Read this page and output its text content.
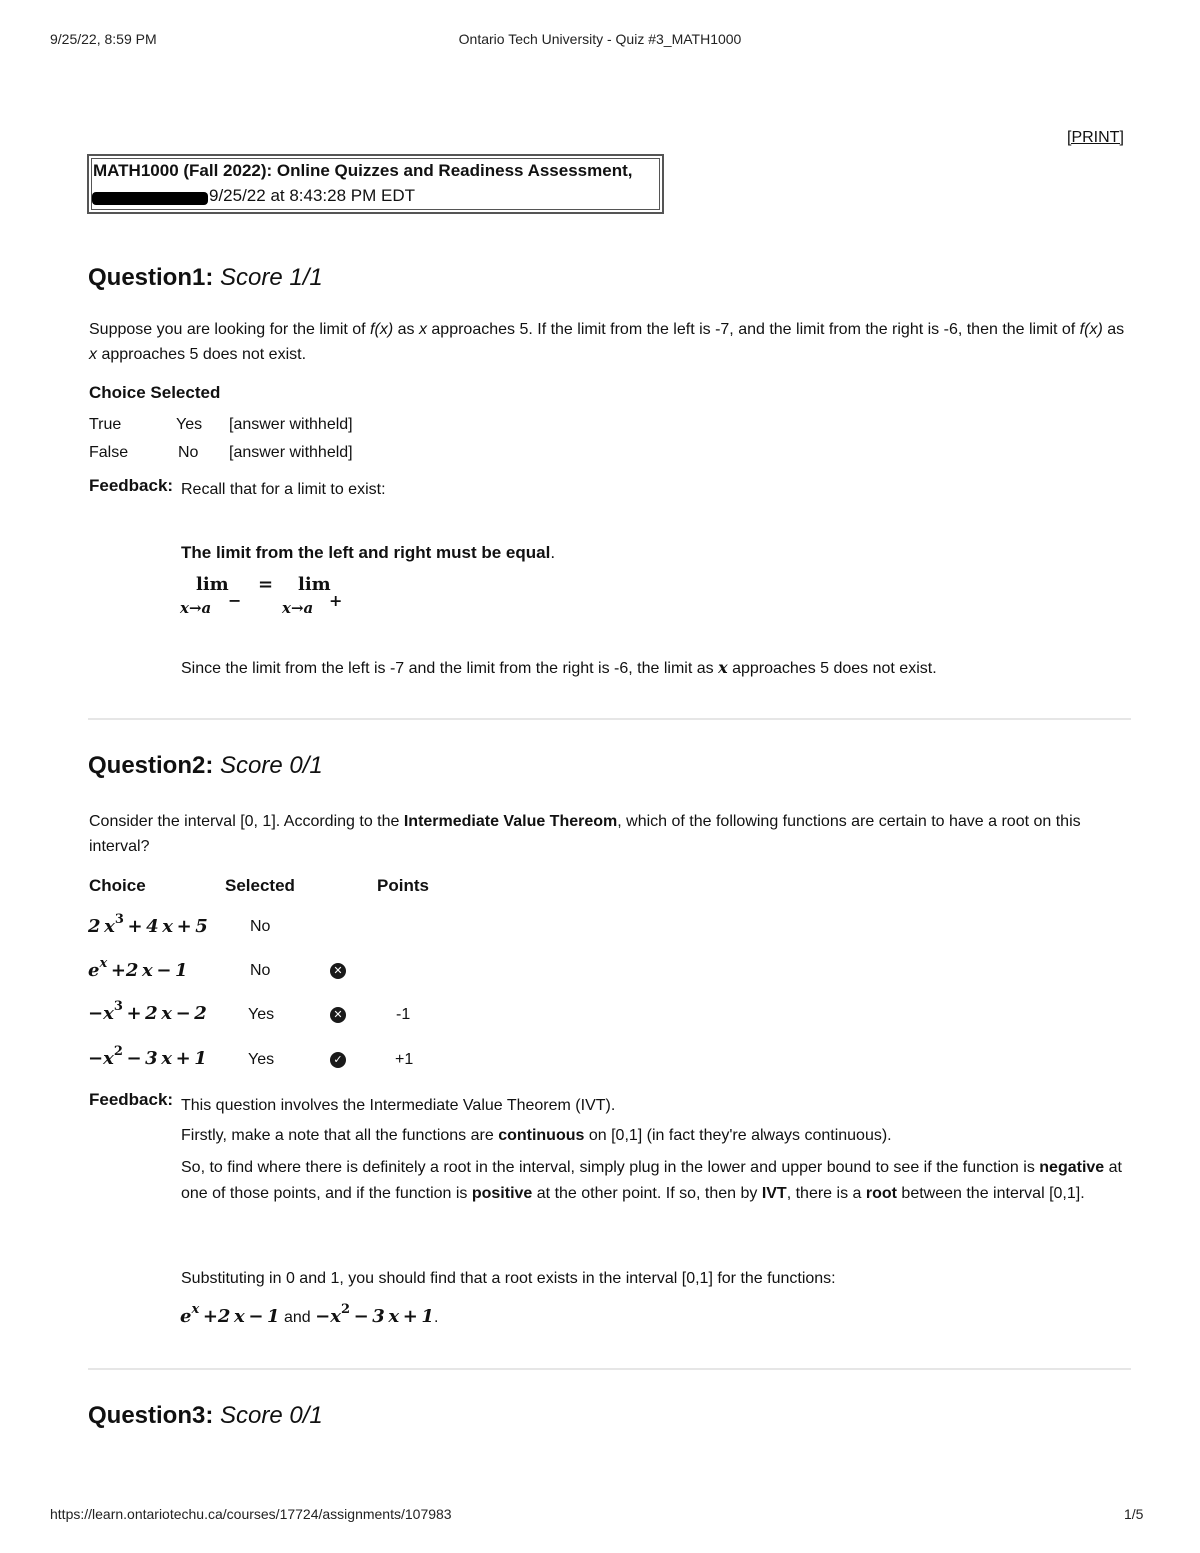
9/25/22, 8:59 PM	Ontario Tech University - Quiz #3_MATH1000
[PRINT]
MATH1000 (Fall 2022): Online Quizzes and Readiness Assessment,
9/25/22 at 8:43:28 PM EDT
Question1: Score 1/1
Suppose you are looking for the limit of f(x) as x approaches 5. If the limit from the left is -7, and the limit from the right is -6, then the limit of f(x) as x approaches 5 does not exist.
Choice Selected
True	Yes [answer withheld]
False	No [answer withheld]
Feedback: Recall that for a limit to exist:
The limit from the left and right must be equal.
lim = lim
x→a −	x→a +
Since the limit from the left is -7 and the limit from the right is -6, the limit as x approaches 5 does not exist.
Question2: Score 0/1
Consider the interval [0, 1]. According to the Intermediate Value Thereom, which of the following functions are certain to have a root on this interval?
Choice	Selected	Points
2 $x^3 + 4$ x + 5	No
$e^x +2$ x − 1	No	✕
$-x^3 + 2$ x − 2	Yes	✕	-1
$-x^2 - 3$ x + 1	Yes	✓	+1
Feedback: This question involves the Intermediate Value Theorem (IVT).
Firstly, make a note that all the functions are continuous on [0,1] (in fact they're always continuous).
So, to find where there is definitely a root in the interval, simply plug in the lower and upper bound to see if the function is negative at one of those points, and if the function is positive at the other point. If so, then by IVT, there is a root between the interval [0,1].
Substituting in 0 and 1, you should find that a root exists in the interval [0,1] for the functions:
$e^x +2$ x − 1 and $-x^2 - 3$ x + 1.
Question3: Score 0/1
https://learn.ontariotechu.ca/courses/17724/assignments/107983	1/5
